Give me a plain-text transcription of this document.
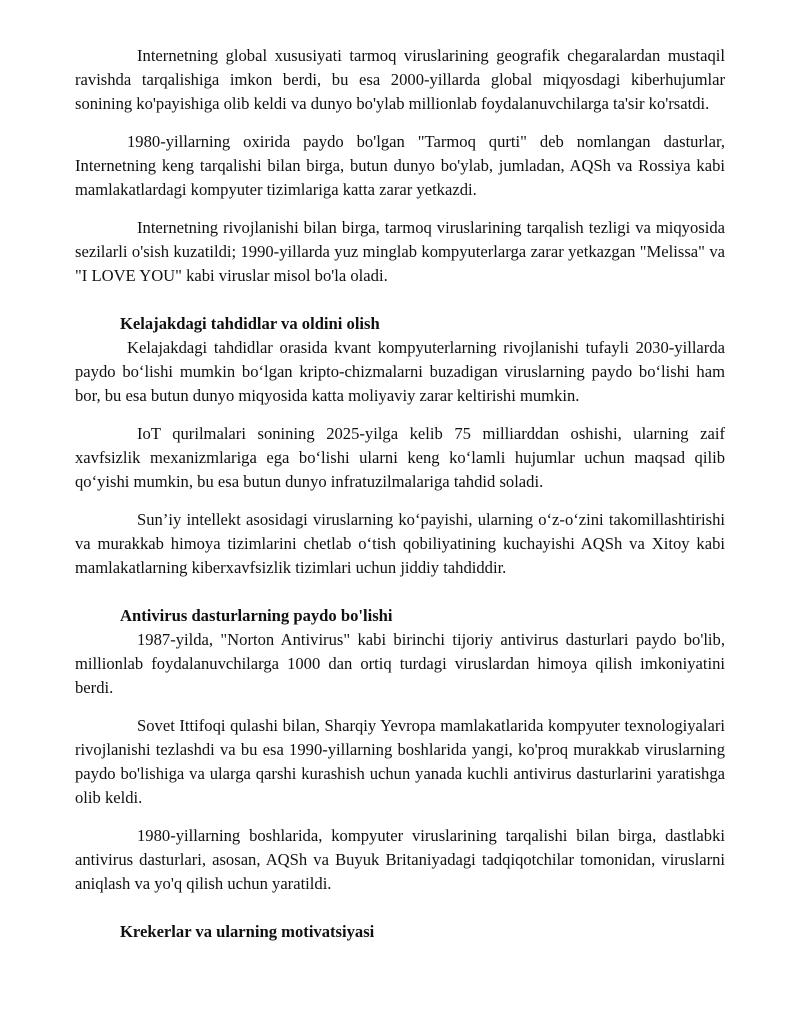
Internetning global xususiyati tarmoq viruslarining geografik chegaralardan mustaqil ravishda tarqalishiga imkon berdi, bu esa 2000-yillarda global miqyosdagi kiberhujumlar sonining ko'payishiga olib keldi va dunyo bo'ylab millionlab foydalanuvchilarga ta'sir ko'rsatdi.

1980-yillarning oxirida paydo bo'lgan "Tarmoq qurti" deb nomlangan dasturlar, Internetning keng tarqalishi bilan birga, butun dunyo bo'ylab, jumladan, AQSh va Rossiya kabi mamlakatlardagi kompyuter tizimlariga katta zarar yetkazdi.

Internetning rivojlanishi bilan birga, tarmoq viruslarining tarqalish tezligi va miqyosida sezilarli o'sish kuzatildi; 1990-yillarda yuz minglab kompyuterlarga zarar yetkazgan "Melissa" va "I LOVE YOU" kabi viruslar misol bo'la oladi.

Kelajakdagi tahdidlar va oldini olish

Kelajakdagi tahdidlar orasida kvant kompyuterlarning rivojlanishi tufayli 2030-yillarda paydo boʻlishi mumkin boʻlgan kripto-chizmalarni buzadigan viruslarning paydo boʻlishi ham bor, bu esa butun dunyo miqyosida katta moliyaviy zarar keltirishi mumkin.

IoT qurilmalari sonining 2025-yilga kelib 75 milliarddan oshishi, ularning zaif xavfsizlik mexanizmlariga ega boʻlishi ularni keng koʻlamli hujumlar uchun maqsad qilib qoʻyishi mumkin, bu esa butun dunyo infratuzilmalariga tahdid soladi.

Sun’iy intellekt asosidagi viruslarning koʻpayishi, ularning oʻz-oʻzini takomillashtirishi va murakkab himoya tizimlarini chetlab oʻtish qobiliyatining kuchayishi AQSh va Xitoy kabi mamlakatlarning kiberxavfsizlik tizimlari uchun jiddiy tahdiddir.

Antivirus dasturlarning paydo bo'lishi

1987-yilda, "Norton Antivirus" kabi birinchi tijoriy antivirus dasturlari paydo bo'lib, millionlab foydalanuvchilarga 1000 dan ortiq turdagi viruslardan himoya qilish imkoniyatini berdi.

Sovet Ittifoqi qulashi bilan, Sharqiy Yevropa mamlakatlarida kompyuter texnologiyalari rivojlanishi tezlashdi va bu esa 1990-yillarning boshlarida yangi, ko'proq murakkab viruslarning paydo bo'lishiga va ularga qarshi kurashish uchun yanada kuchli antivirus dasturlarini yaratishga olib keldi.

1980-yillarning boshlarida, kompyuter viruslarining tarqalishi bilan birga, dastlabki antivirus dasturlari, asosan, AQSh va Buyuk Britaniyadagi tadqiqotchilar tomonidan, viruslarni aniqlash va yo'q qilish uchun yaratildi.

Krekerlar va ularning motivatsiyasi
